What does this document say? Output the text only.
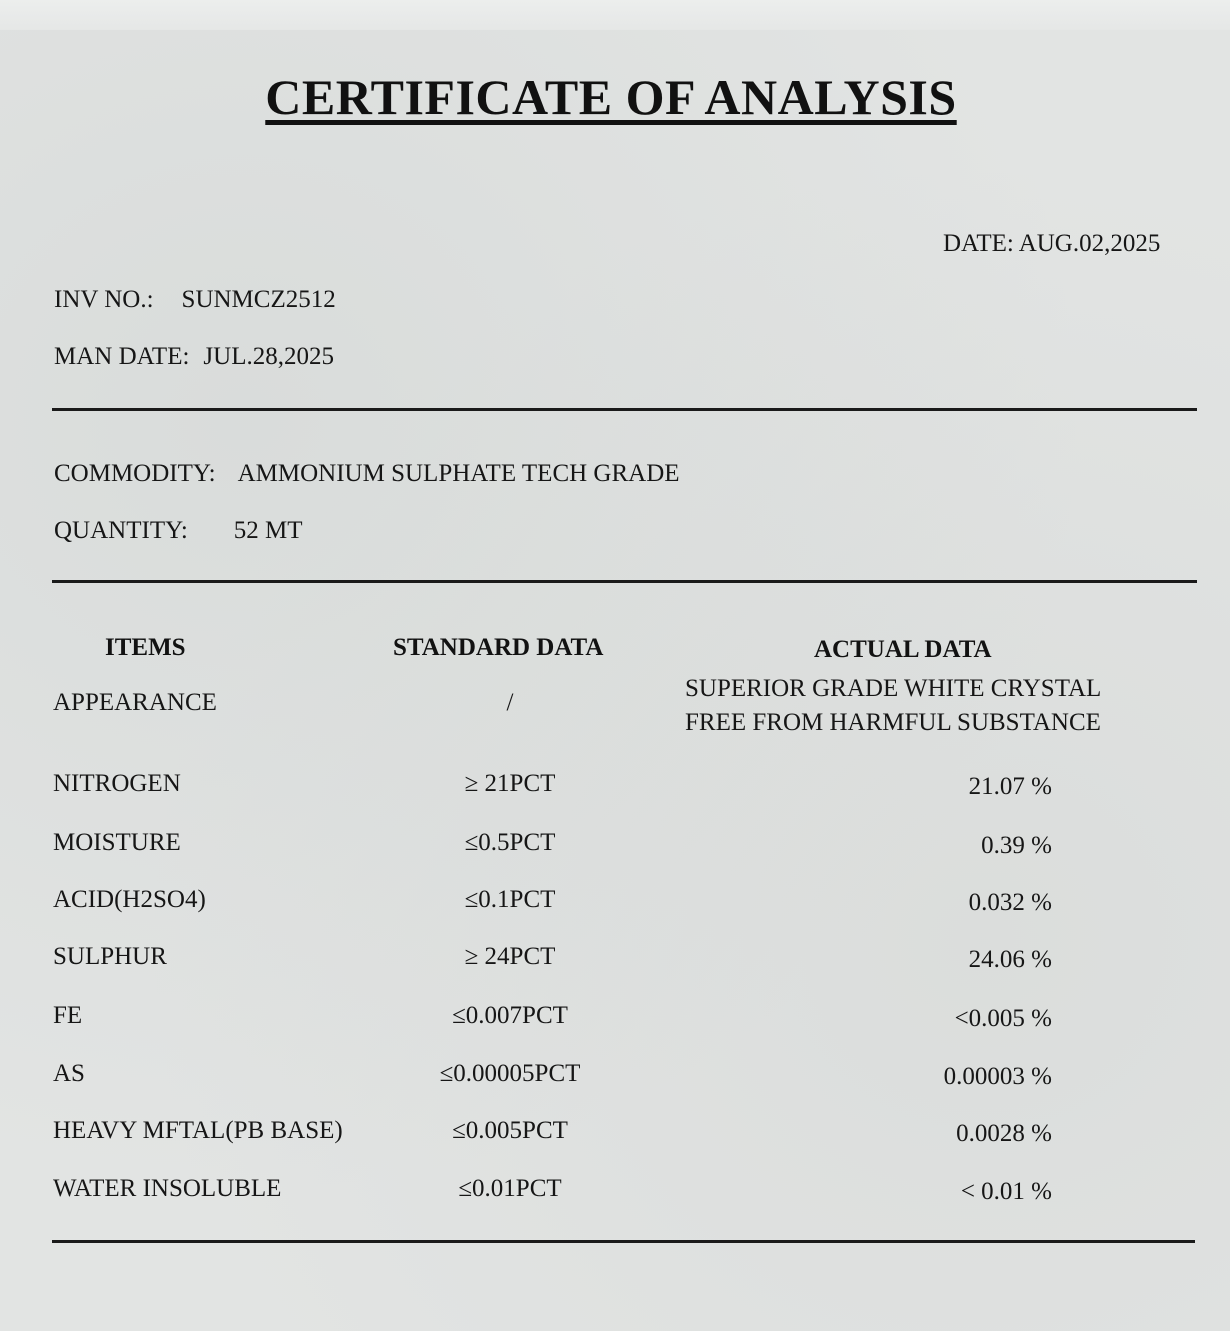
CERTIFICATE OF ANALYSIS
DATE: AUG.02,2025
INV NO.: SUNMCZ2512
MAN DATE: JUL.28,2025
COMMODITY: AMMONIUM SULPHATE TECH GRADE
QUANTITY: 52 MT
ITEMS	STANDARD DATA	ACTUAL DATA
APPEARANCE	/
SUPERIOR GRADE WHITE CRYSTAL
FREE FROM HARMFUL SUBSTANCE
NITROGEN	≥ 21PCT	21.07 %
MOISTURE	≤0.5PCT	0.39 %
ACID(H2SO4)	≤0.1PCT	0.032 %
SULPHUR	≥ 24PCT	24.06 %
FE	≤0.007PCT	<0.005 %
AS	≤0.00005PCT	0.00003 %
HEAVY MFTAL(PB BASE)	≤0.005PCT	0.0028 %
WATER INSOLUBLE	≤0.01PCT	< 0.01 %
